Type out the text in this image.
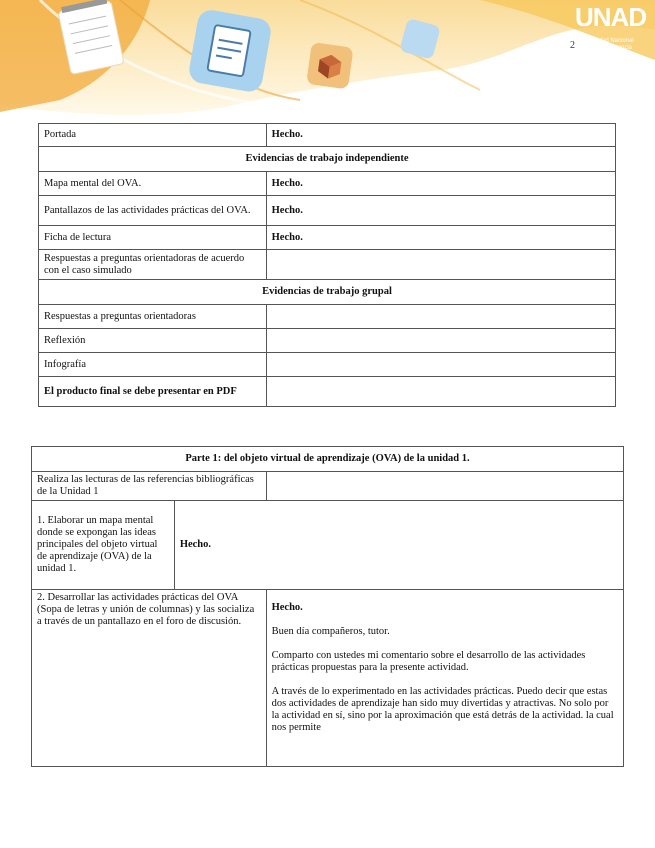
UNAD
Universidad Nacional Abierta y a Distancia
2
Portada	Hecho.
Evidencias de trabajo independiente	
Mapa mental del OVA.	Hecho.
Pantallazos de las actividades prácticas del OVA.	Hecho.
Ficha de lectura	Hecho.
Respuestas a preguntas orientadoras de acuerdo con el caso simulado	
Evidencias de trabajo grupal	
Respuestas a preguntas orientadoras	
Reflexión	
Infografía	
El producto final se debe presentar en PDF	
Parte 1: del objeto virtual de aprendizaje (OVA) de la unidad 1.		
Realiza las lecturas de las referencias bibliográficas de la Unidad 1		
1. Elaborar un mapa mental donde se expongan las ideas principales del objeto virtual de aprendizaje (OVA) de la unidad 1.	Hecho.	
2. Desarrollar las actividades prácticas del OVA (Sopa de letras y unión de columnas) y las socializa a través de un pantallazo en el foro de discusión.		Hecho.

Buen día compañeros, tutor.

Comparto con ustedes mi comentario sobre el desarrollo de las actividades prácticas propuestas para la presente actividad.

A través de lo experimentado en las actividades prácticas. Puedo decir que estas dos actividades de aprendizaje han sido muy divertidas y atractivas. No solo por la actividad en sí, sino por la aproximación que está detrás de la actividad. la cual nos permite
